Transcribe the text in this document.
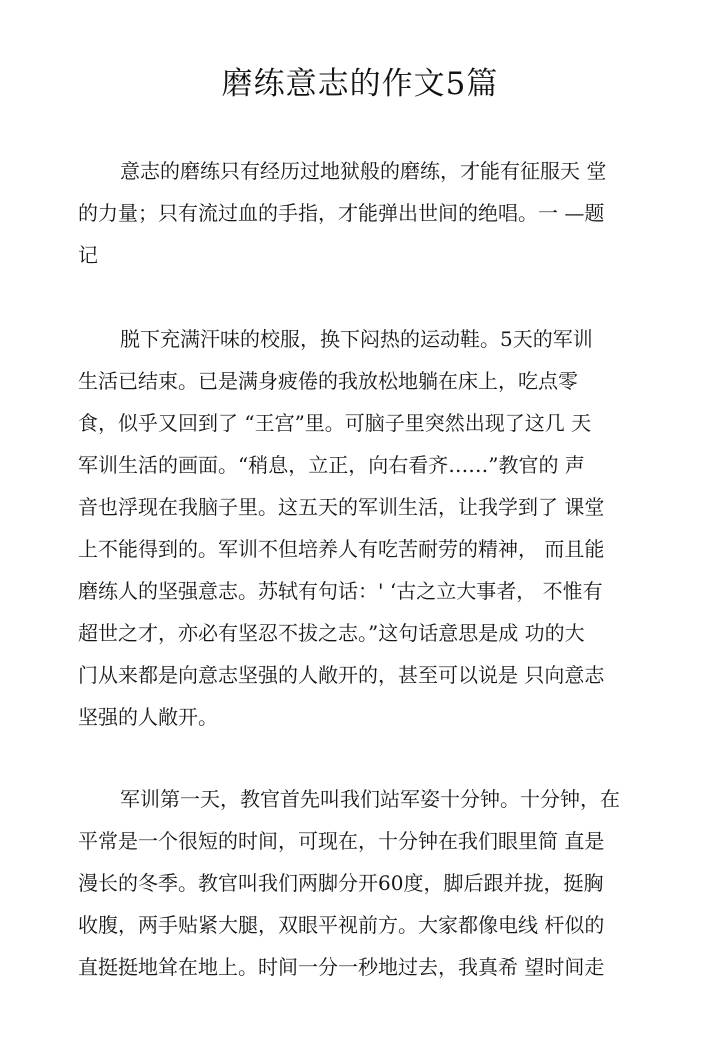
磨练意志的作文5篇
意志的磨练只有经历过地狱般的磨练，才能有征服天 堂
的力量；只有流过血的手指，才能弹出世间的绝唱。一 —题
记
脱下充满汗味的校服，换下闷热的运动鞋。5天的军训
生活已结束。已是满身疲倦的我放松地躺在床上，吃点零
食，似乎又回到了 “王宫”里。可脑子里突然出现了这几 天
军训生活的画面。“稍息，立正，向右看齐……”教官的 声
音也浮现在我脑子里。这五天的军训生活，让我学到了 课堂
上不能得到的。军训不但培养人有吃苦耐劳的精神， 而且能
磨练人的坚强意志。苏轼有句话：' ‘古之立大事者， 不惟有
超世之才，亦必有坚忍不拔之志。”这句话意思是成 功的大
门从来都是向意志坚强的人敞开的，甚至可以说是 只向意志
坚强的人敞开。
军训第一天，教官首先叫我们站军姿十分钟。十分钟，在
平常是一个很短的时间，可现在，十分钟在我们眼里简 直是
漫长的冬季。教官叫我们两脚分开60度，脚后跟并拢，挺胸
收腹，两手贴紧大腿，双眼平视前方。大家都像电线 杆似的
直挺挺地耸在地上。时间一分一秒地过去，我真希 望时间走
